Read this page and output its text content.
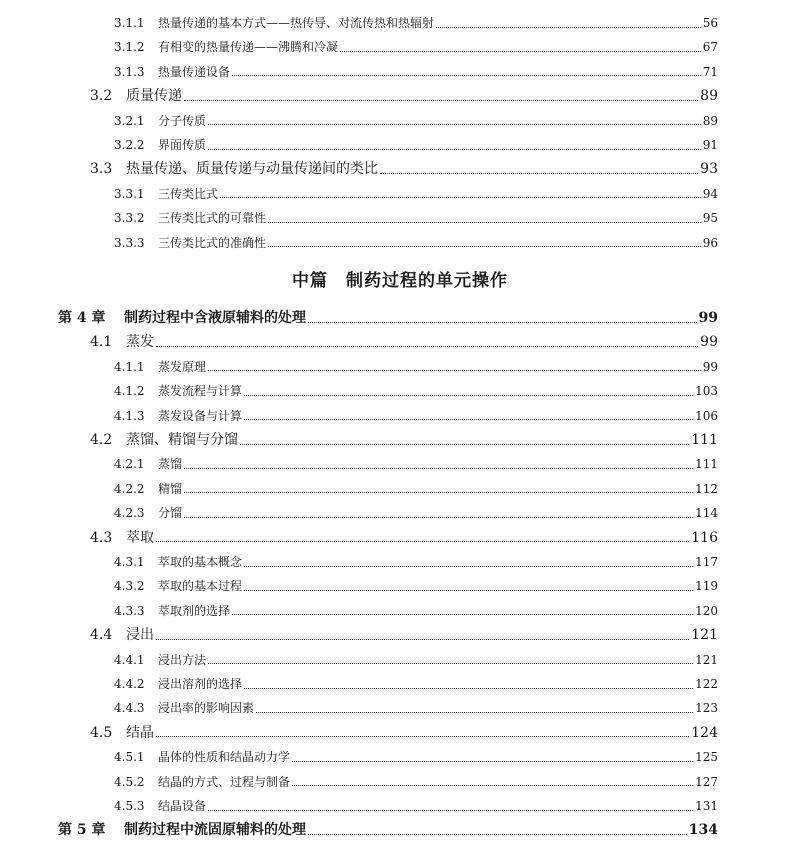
3.1.1	热量传递的基本方式——热传导、对流传热和热辐射	56
3.1.2	有相变的热量传递——沸腾和冷凝	67
3.1.3	热量传递设备	71
3.2 质量传递	89
3.2.1	分子传质	89
3.2.2	界面传质	91
3.3 热量传递、质量传递与动量传递间的类比	93
3.3.1	三传类比式	94
3.3.2	三传类比式的可靠性	95
3.3.3	三传类比式的准确性	96
中篇　制药过程的单元操作
第 4 章	制药过程中含液原辅料的处理	99
4.1 蒸发	99
4.1.1	蒸发原理	99
4.1.2	蒸发流程与计算	103
4.1.3	蒸发设备与计算	106
4.2 蒸馏、精馏与分馏	111
4.2.1	蒸馏	111
4.2.2	精馏	112
4.2.3	分馏	114
4.3 萃取	116
4.3.1	萃取的基本概念	117
4.3.2	萃取的基本过程	119
4.3.3	萃取剂的选择	120
4.4 浸出	121
4.4.1	浸出方法	121
4.4.2	浸出溶剂的选择	122
4.4.3	浸出率的影响因素	123
4.5 结晶	124
4.5.1	晶体的性质和结晶动力学	125
4.5.2	结晶的方式、过程与制备	127
4.5.3	结晶设备	131
第 5 章	制药过程中流固原辅料的处理	134
